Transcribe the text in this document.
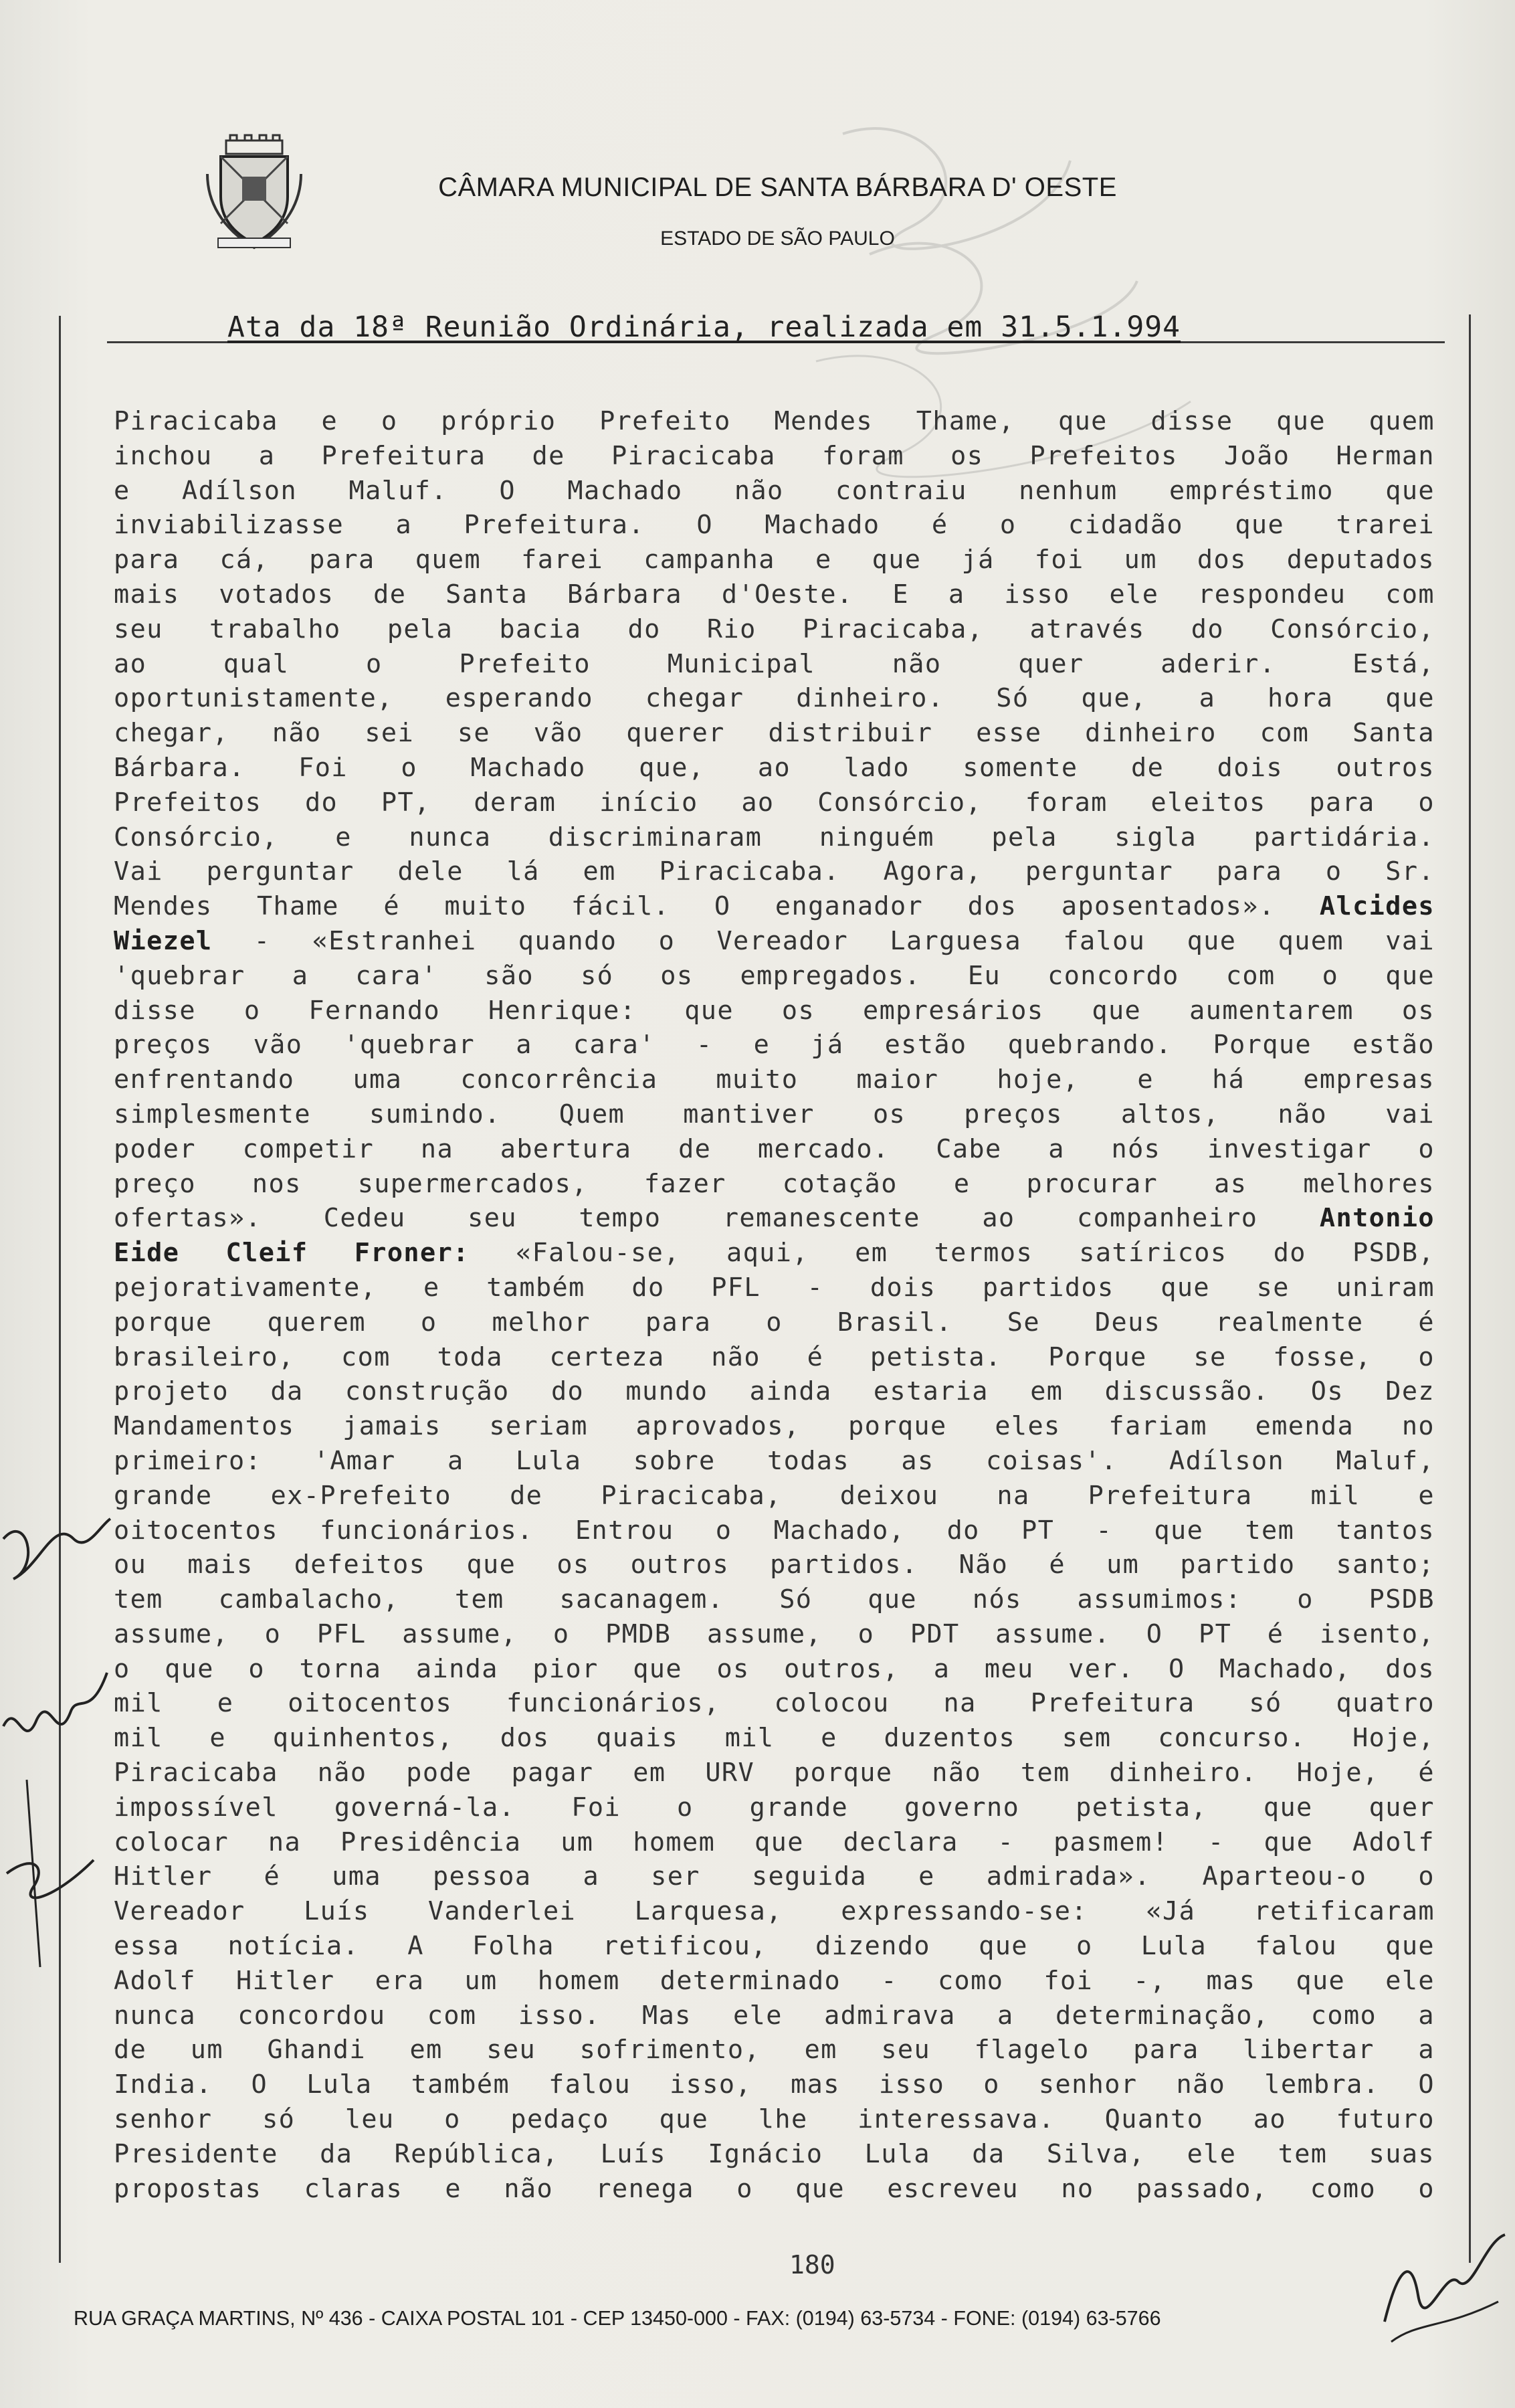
CÂMARA MUNICIPAL DE SANTA BÁRBARA D' OESTE
ESTADO DE SÃO PAULO
Ata da 18ª Reunião Ordinária, realizada em 31.5.1.994
Piracicaba e o próprio Prefeito Mendes Thame, que disse que quem
inchou a Prefeitura de Piracicaba foram os Prefeitos João Herman
e Adílson Maluf. O Machado não contraiu nenhum empréstimo que
inviabilizasse a Prefeitura. O Machado é o cidadão que trarei
para cá, para quem farei campanha e que já foi um dos deputados
mais votados de Santa Bárbara d'Oeste. E a isso ele respondeu com
seu trabalho pela bacia do Rio Piracicaba, através do Consórcio,
ao qual o Prefeito Municipal não quer aderir. Está,
oportunistamente, esperando chegar dinheiro. Só que, a hora que
chegar, não sei se vão querer distribuir esse dinheiro com Santa
Bárbara. Foi o Machado que, ao lado somente de dois outros
Prefeitos do PT, deram início ao Consórcio, foram eleitos para o
Consórcio, e nunca discriminaram ninguém pela sigla partidária.
Vai perguntar dele lá em Piracicaba. Agora, perguntar para o Sr.
Mendes Thame é muito fácil. O enganador dos aposentados». Alcides
Wiezel - «Estranhei quando o Vereador Larguesa falou que quem vai
'quebrar a cara' são só os empregados. Eu concordo com o que
disse o Fernando Henrique: que os empresários que aumentarem os
preços vão 'quebrar a cara' - e já estão quebrando. Porque estão
enfrentando uma concorrência muito maior hoje, e há empresas
simplesmente sumindo. Quem mantiver os preços altos, não vai
poder competir na abertura de mercado. Cabe a nós investigar o
preço nos supermercados, fazer cotação e procurar as melhores
ofertas». Cedeu seu tempo remanescente ao companheiro Antonio
Eide Cleif Froner: «Falou-se, aqui, em termos satíricos do PSDB,
pejorativamente, e também do PFL - dois partidos que se uniram
porque querem o melhor para o Brasil. Se Deus realmente é
brasileiro, com toda certeza não é petista. Porque se fosse, o
projeto da construção do mundo ainda estaria em discussão. Os Dez
Mandamentos jamais seriam aprovados, porque eles fariam emenda no
primeiro: 'Amar a Lula sobre todas as coisas'. Adílson Maluf,
grande ex-Prefeito de Piracicaba, deixou na Prefeitura mil e
oitocentos funcionários. Entrou o Machado, do PT - que tem tantos
ou mais defeitos que os outros partidos. Não é um partido santo;
tem cambalacho, tem sacanagem. Só que nós assumimos: o PSDB
assume, o PFL assume, o PMDB assume, o PDT assume. O PT é isento,
o que o torna ainda pior que os outros, a meu ver. O Machado, dos
mil e oitocentos funcionários, colocou na Prefeitura só quatro
mil e quinhentos, dos quais mil e duzentos sem concurso. Hoje,
Piracicaba não pode pagar em URV porque não tem dinheiro. Hoje, é
impossível governá-la. Foi o grande governo petista, que quer
colocar na Presidência um homem que declara - pasmem! - que Adolf
Hitler é uma pessoa a ser seguida e admirada». Aparteou-o o
Vereador Luís Vanderlei Larquesa, expressando-se: «Já retificaram
essa notícia. A Folha retificou, dizendo que o Lula falou que
Adolf Hitler era um homem determinado - como foi -, mas que ele
nunca concordou com isso. Mas ele admirava a determinação, como a
de um Ghandi em seu sofrimento, em seu flagelo para libertar a
India. O Lula também falou isso, mas isso o senhor não lembra. O
senhor só leu o pedaço que lhe interessava. Quanto ao futuro
Presidente da República, Luís Ignácio Lula da Silva, ele tem suas
propostas claras e não renega o que escreveu no passado, como o
180
RUA GRAÇA MARTINS, Nº 436 - CAIXA POSTAL 101 - CEP 13450-000 - FAX: (0194) 63-5734 - FONE: (0194) 63-5766
